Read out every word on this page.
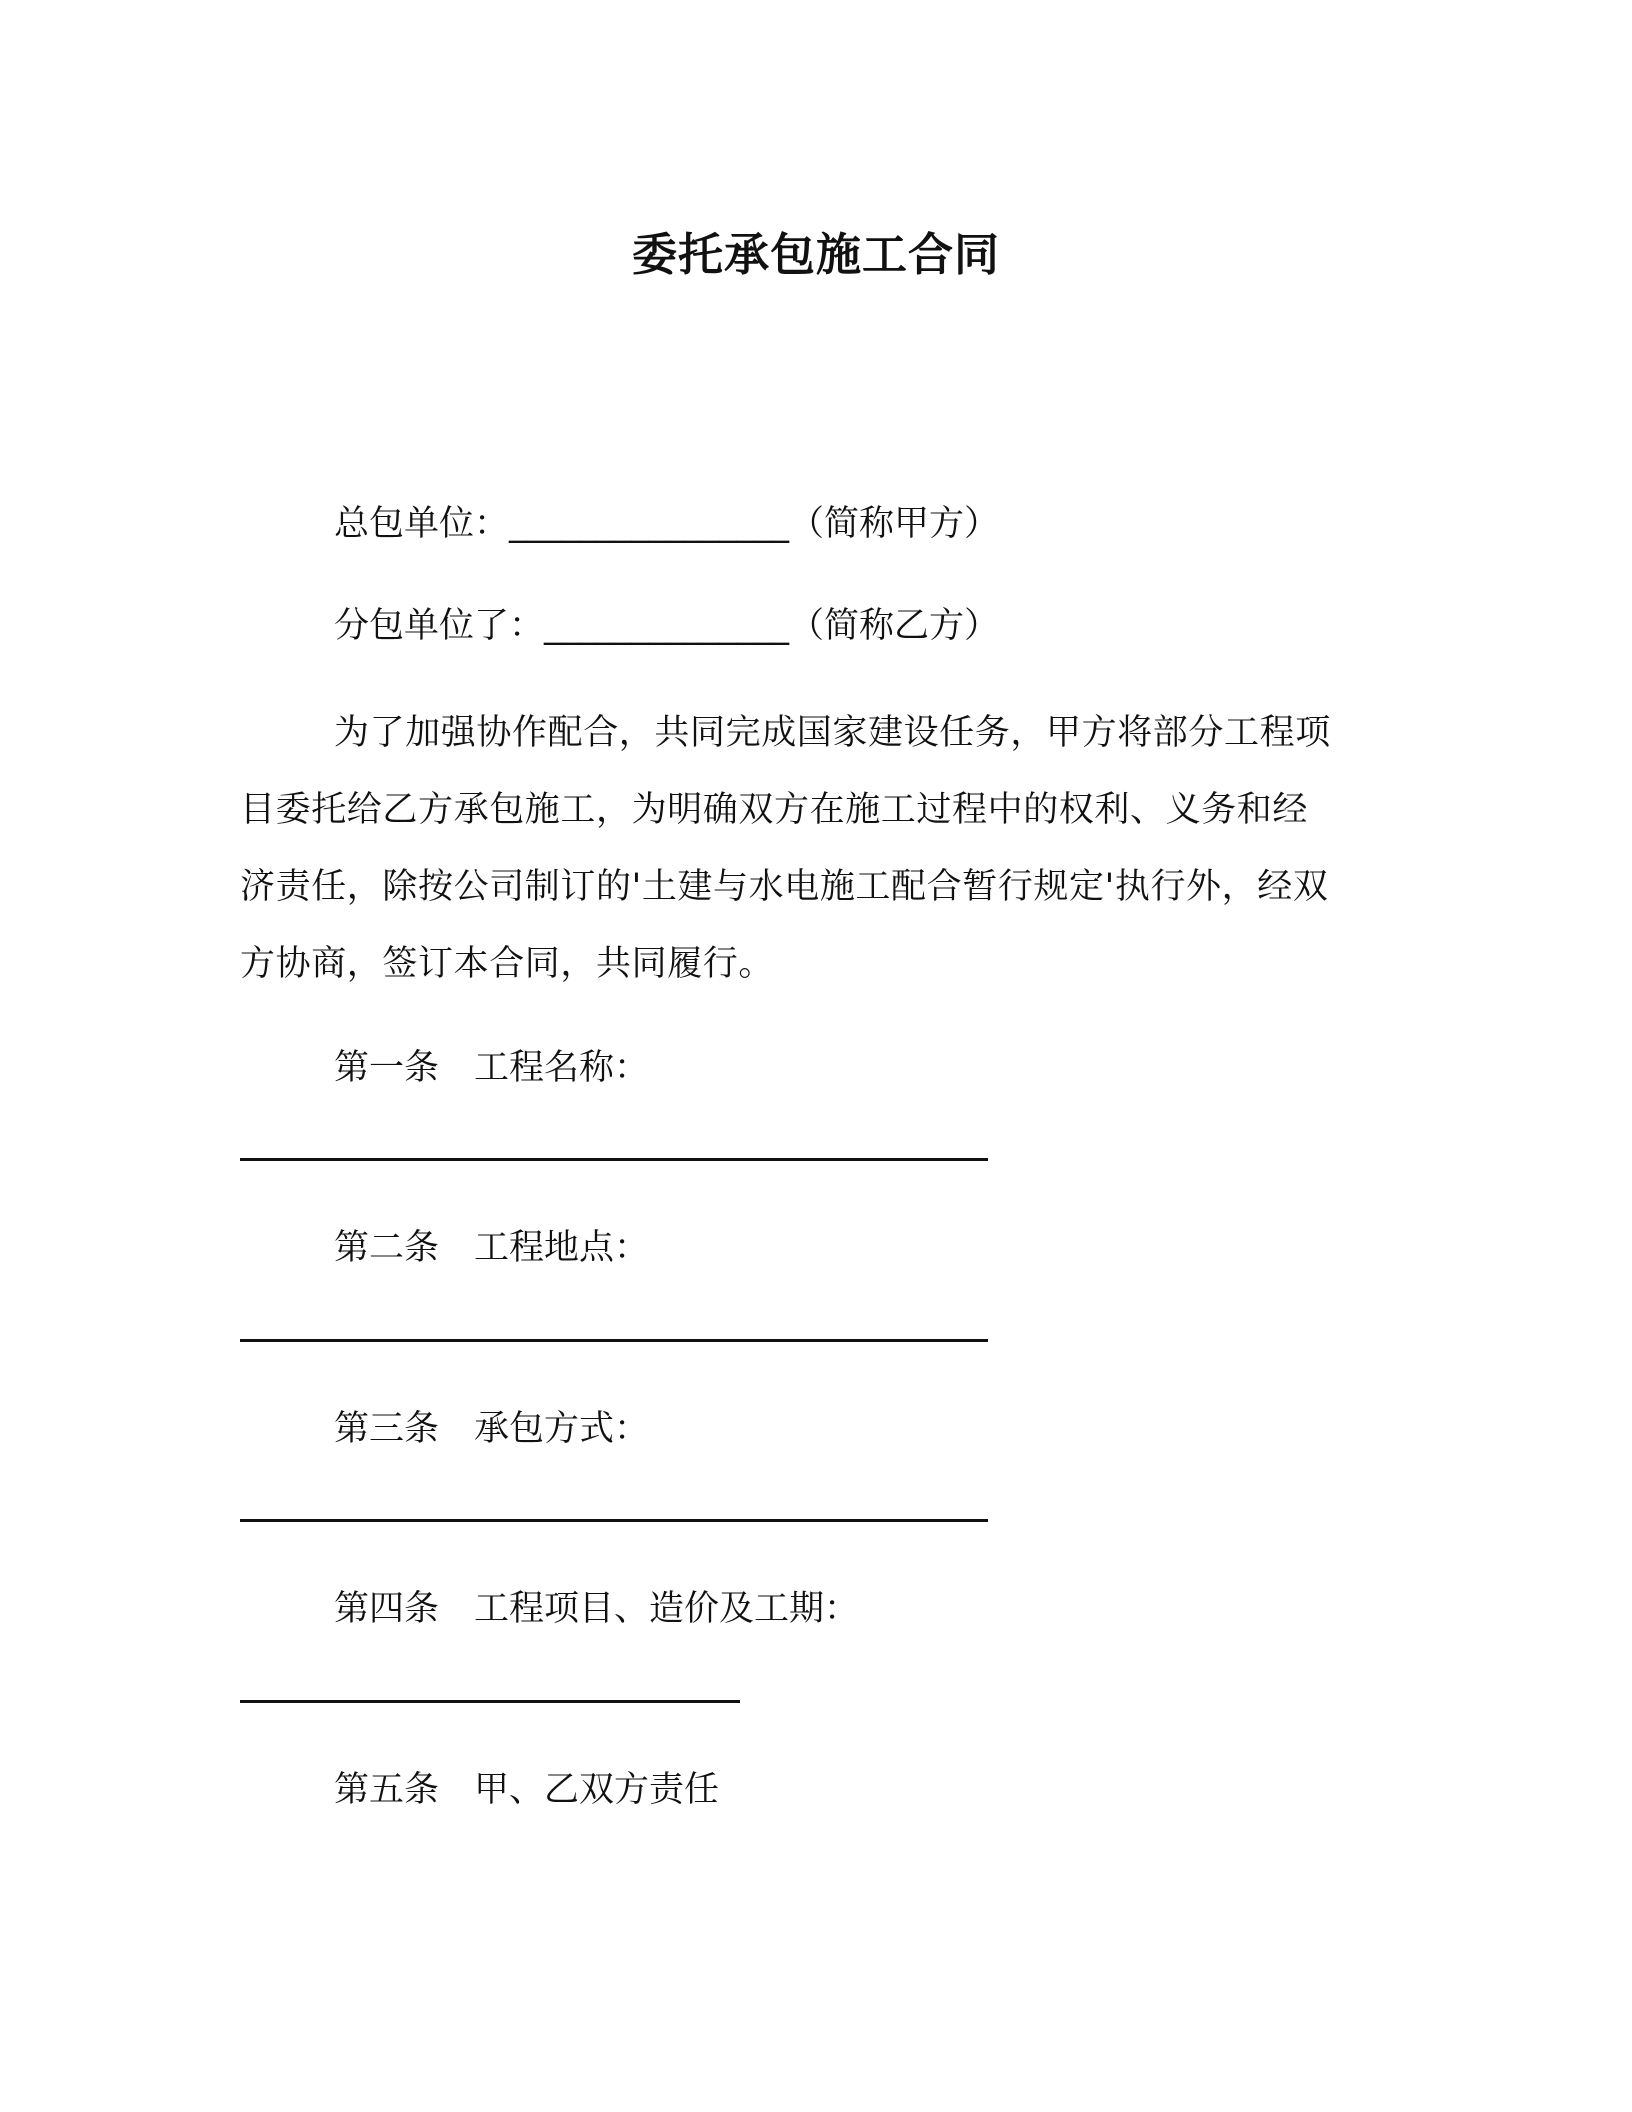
委托承包施工合同
总包单位：________________（简称甲方）
分包单位了：______________（简称乙方）
为了加强协作配合，共同完成国家建设任务，甲方将部分工程项
目委托给乙方承包施工，为明确双方在施工过程中的权利、义务和经
济责任，除按公司制订的'土建与水电施工配合暂行规定'执行外，经双
方协商，签订本合同，共同履行。
第一条　工程名称：
第二条　工程地点：
第三条　承包方式：
第四条　工程项目、造价及工期：
第五条　甲、乙双方责任
